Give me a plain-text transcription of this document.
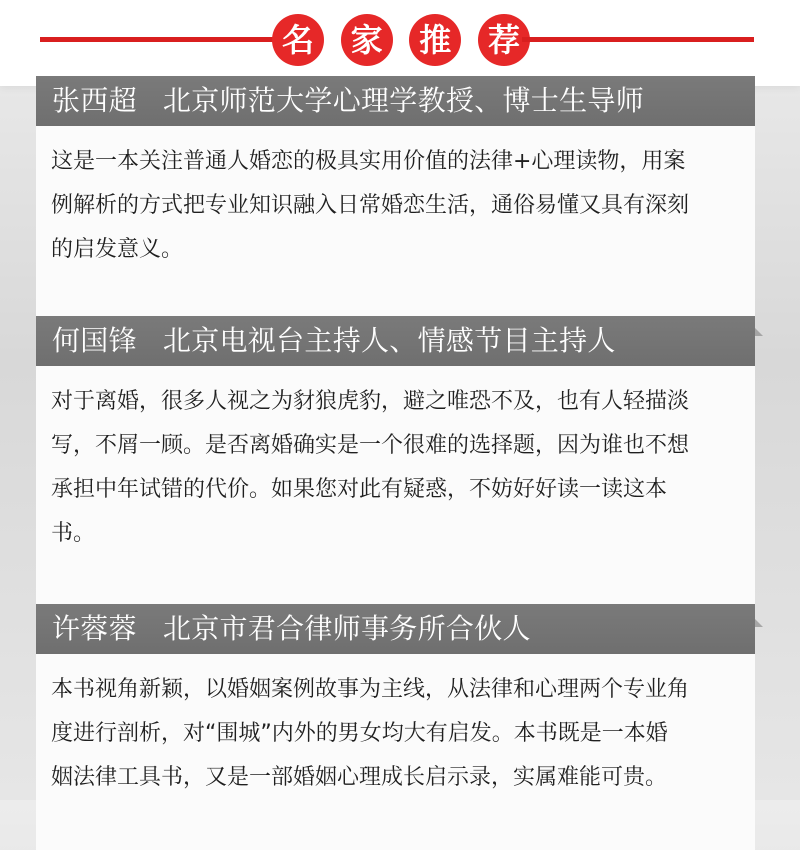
名	家	推	荐
张西超 北京师范大学心理学教授、博士生导师

这是一本关注普通人婚恋的极具实用价值的法律+心理读物，用案

例解析的方式把专业知识融入日常婚恋生活，通俗易懂又具有深刻

的启发意义。

何国锋 北京电视台主持人、情感节目主持人

对于离婚，很多人视之为豺狼虎豹，避之唯恐不及，也有人轻描淡

写，不屑一顾。是否离婚确实是一个很难的选择题，因为谁也不想

承担中年试错的代价。如果您对此有疑惑，不妨好好读一读这本

书。

许蓉蓉 北京市君合律师事务所合伙人

本书视角新颖，以婚姻案例故事为主线，从法律和心理两个专业角

度进行剖析，对“围城”内外的男女均大有启发。本书既是一本婚

姻法律工具书，又是一部婚姻心理成长启示录，实属难能可贵。
